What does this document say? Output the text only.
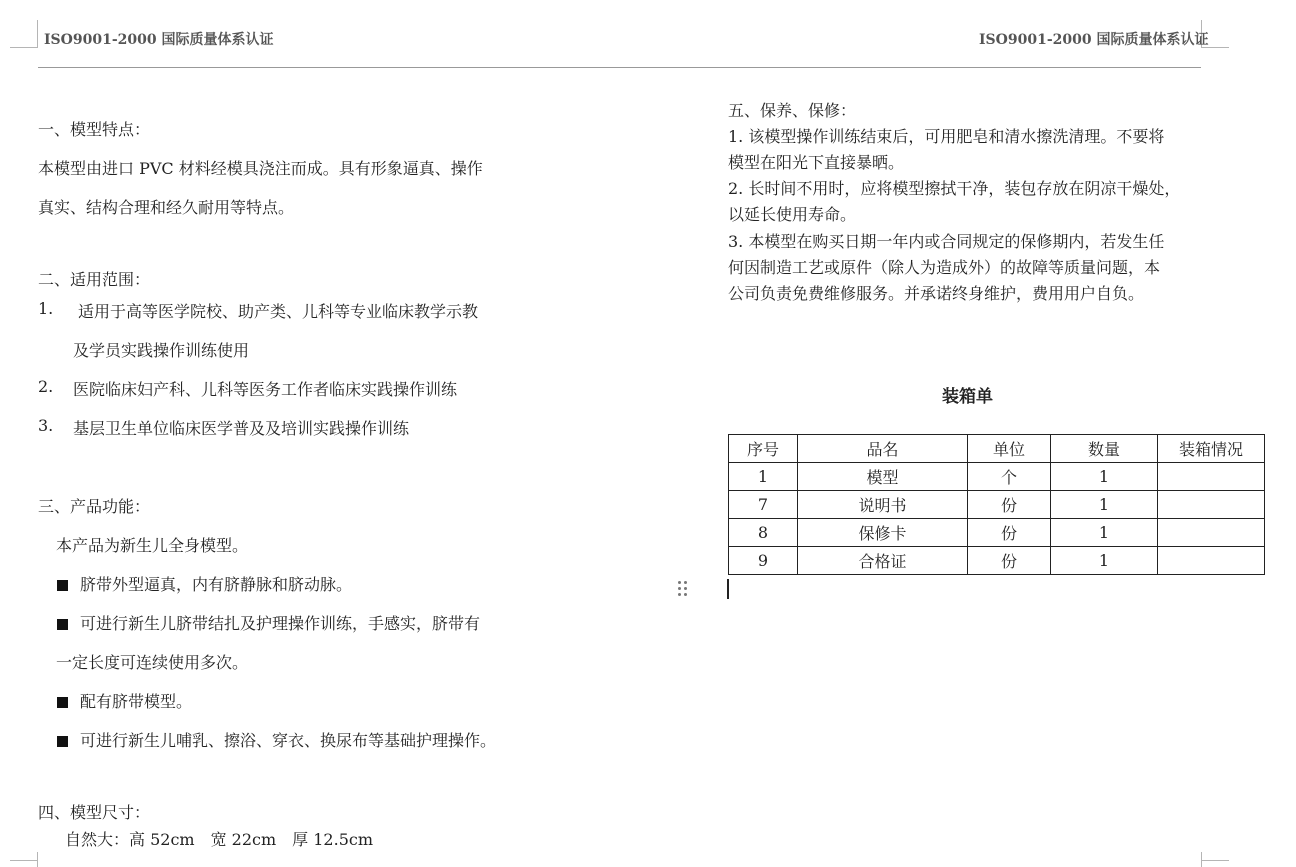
ISO9001-2000 国际质量体系认证	ISO9001-2000 国际质量体系认证
一、模型特点：
本模型由进口 PVC 材料经模具浇注而成。具有形象逼真、操作
真实、结构合理和经久耐用等特点。
二、适用范围：
1. 适用于高等医学院校、助产类、儿科等专业临床教学示教
及学员实践操作训练使用
2. 医院临床妇产科、儿科等医务工作者临床实践操作训练
3. 基层卫生单位临床医学普及及培训实践操作训练
三、产品功能：
本产品为新生儿全身模型。
脐带外型逼真，内有脐静脉和脐动脉。
可进行新生儿脐带结扎及护理操作训练，手感实，脐带有
一定长度可连续使用多次。
配有脐带模型。
可进行新生儿哺乳、擦浴、穿衣、换尿布等基础护理操作。
四、模型尺寸：
自然大：高 52cm　宽 22cm　厚 12.5cm
五、保养、保修：
1. 该模型操作训练结束后，可用肥皂和清水擦洗清理。不要将
模型在阳光下直接暴晒。
2. 长时间不用时，应将模型擦拭干净，装包存放在阴凉干燥处，
以延长使用寿命。
3. 本模型在购买日期一年内或合同规定的保修期内，若发生任
何因制造工艺或原件（除人为造成外）的故障等质量问题，本
公司负责免费维修服务。并承诺终身维护，费用用户自负。
装箱单
序号	品名	单位	数量	装箱情况
1	模型	个	1	
7	说明书	份	1	
8	保修卡	份	1	
9	合格证	份	1	
